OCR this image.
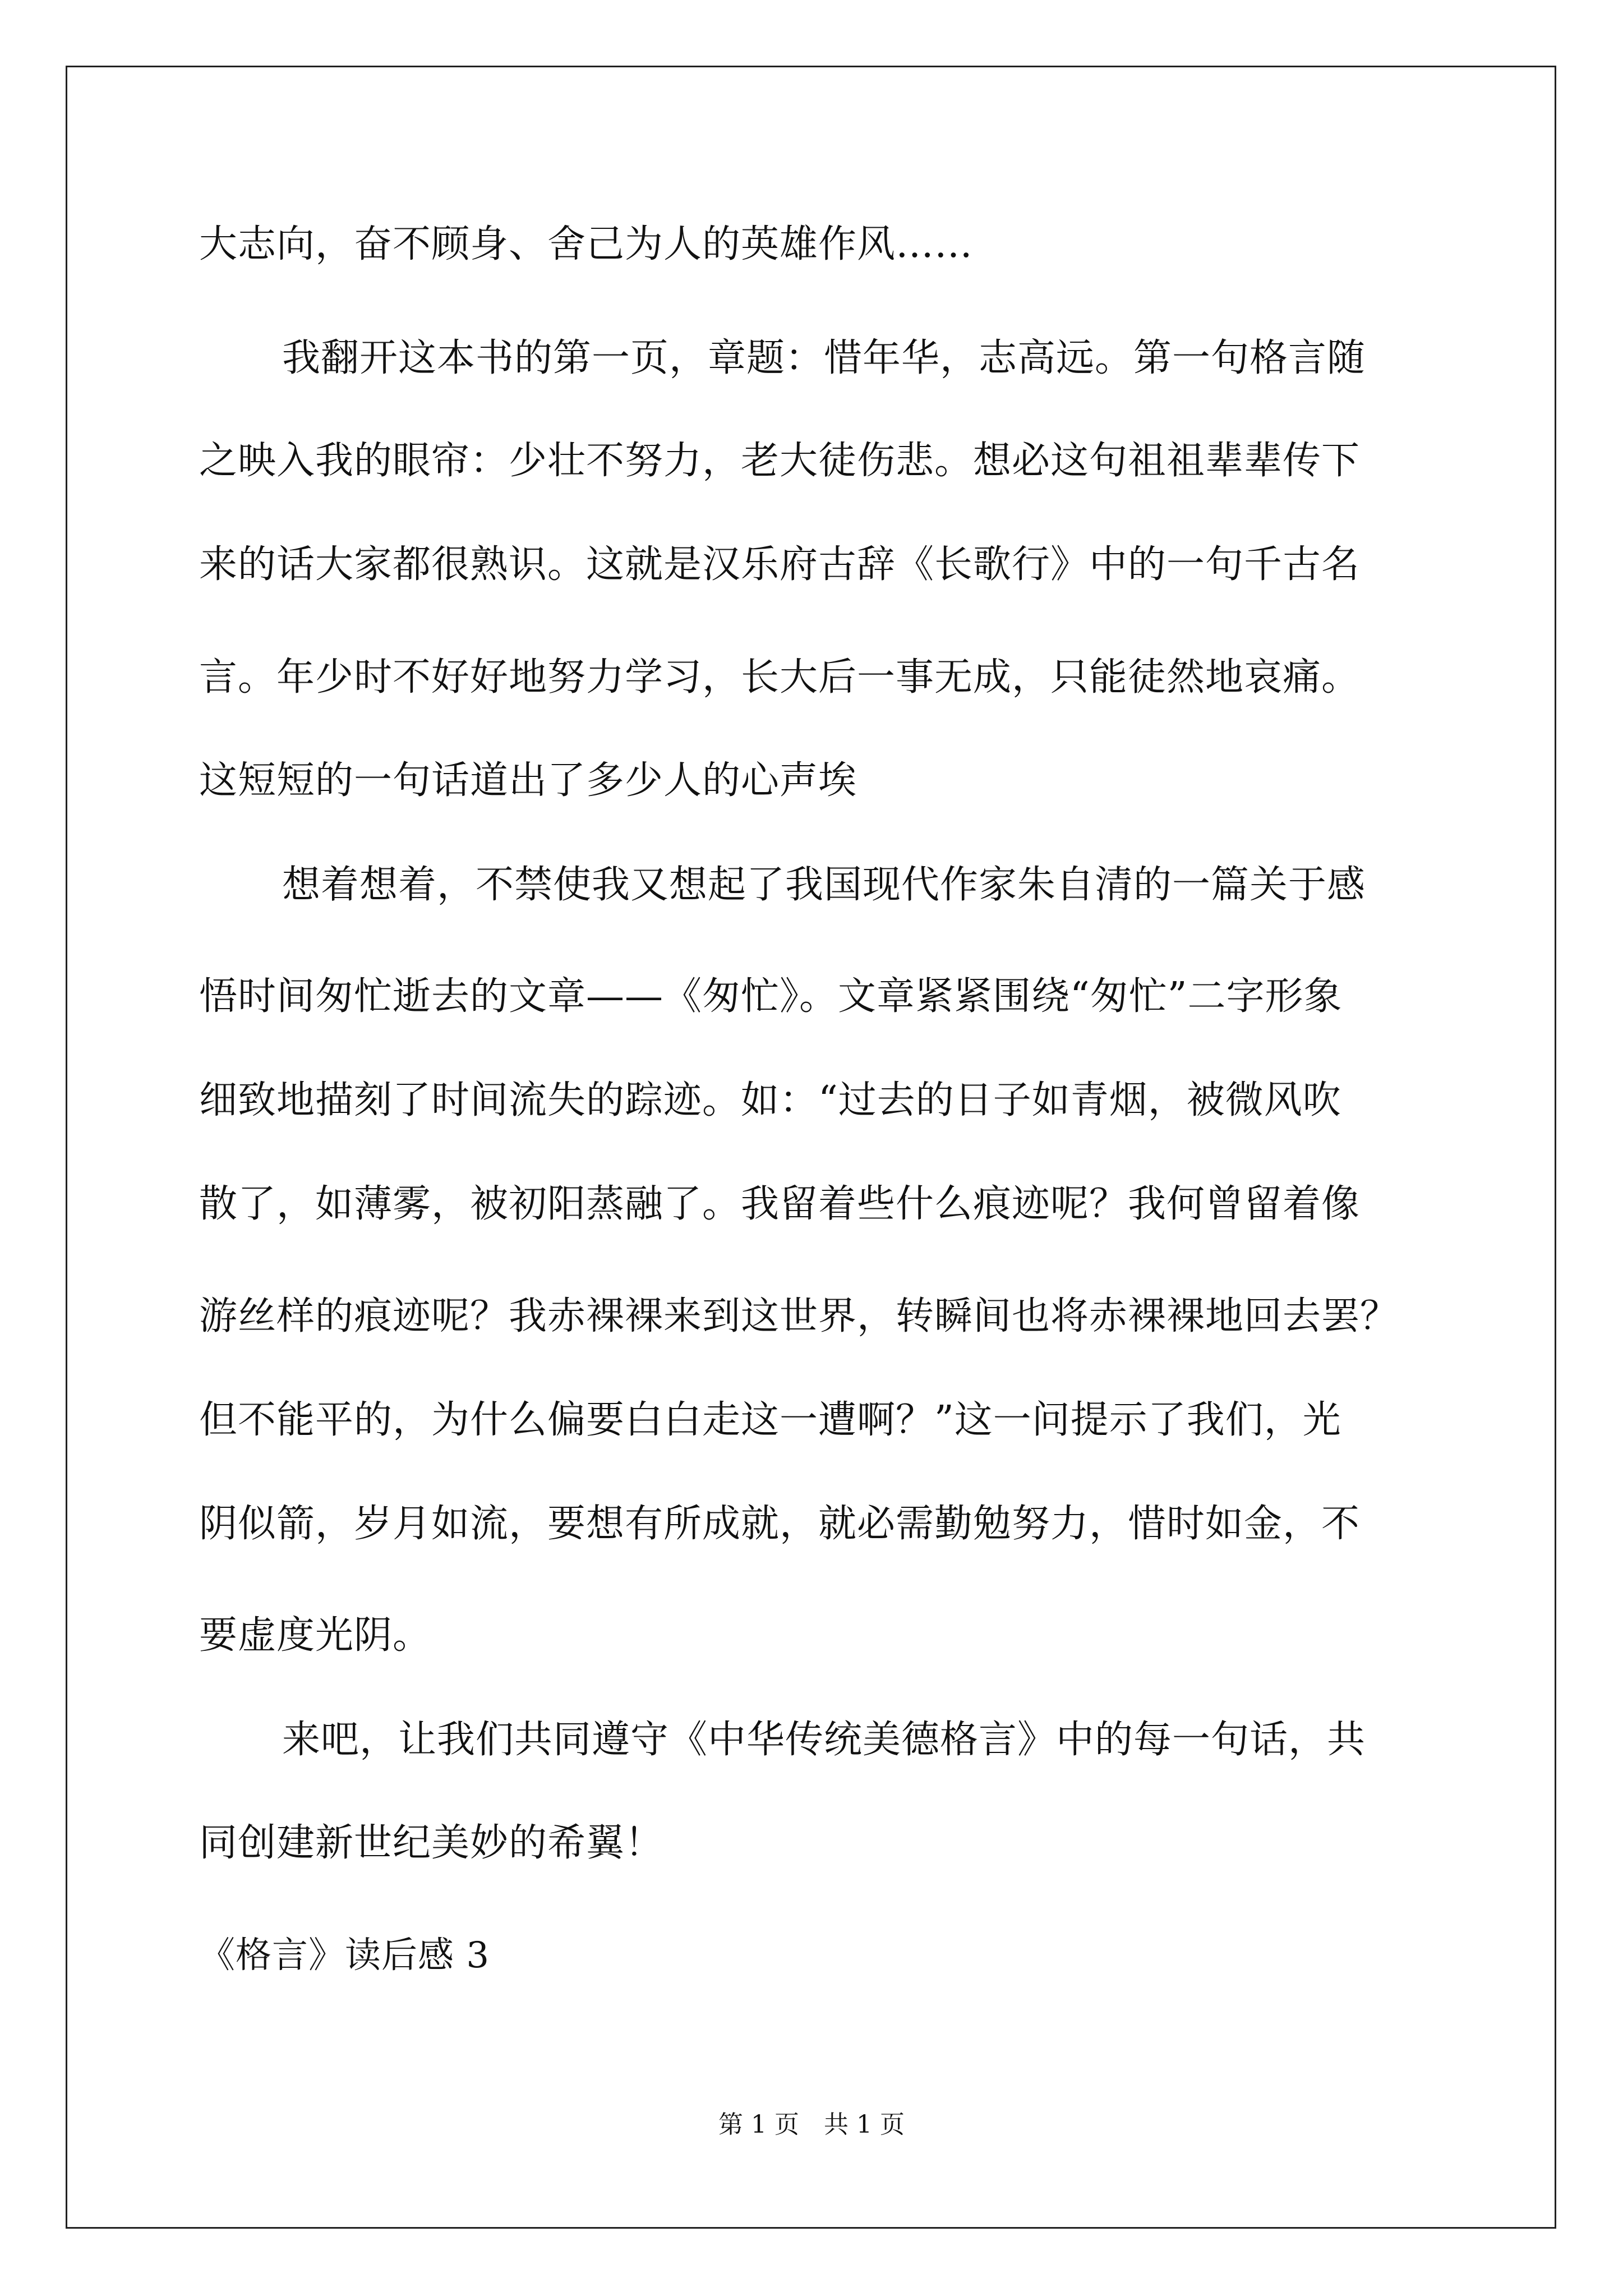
大志向，奋不顾身、舍己为人的英雄作风……
我翻开这本书的第一页，章题：惜年华，志高远。第一句格言随
之映入我的眼帘：少壮不努力，老大徒伤悲。想必这句祖祖辈辈传下
来的话大家都很熟识。这就是汉乐府古辞《长歌行》中的一句千古名
言。年少时不好好地努力学习，长大后一事无成，只能徒然地哀痛。
这短短的一句话道出了多少人的心声埃
想着想着，不禁使我又想起了我国现代作家朱自清的一篇关于感
悟时间匆忙逝去的文章——《匆忙》。文章紧紧围绕“匆忙”二字形象
细致地描刻了时间流失的踪迹。如：“过去的日子如青烟，被微风吹
散了，如薄雾，被初阳蒸融了。我留着些什么痕迹呢？我何曾留着像
游丝样的痕迹呢？我赤裸裸来到这世界，转瞬间也将赤裸裸地回去罢？
但不能平的，为什么偏要白白走这一遭啊？”这一问提示了我们，光
阴似箭，岁月如流，要想有所成就，就必需勤勉努力，惜时如金，不
要虚度光阴。
来吧，让我们共同遵守《中华传统美德格言》中的每一句话，共
同创建新世纪美妙的希翼！
《格言》读后感 3
第 1 页　共 1 页
